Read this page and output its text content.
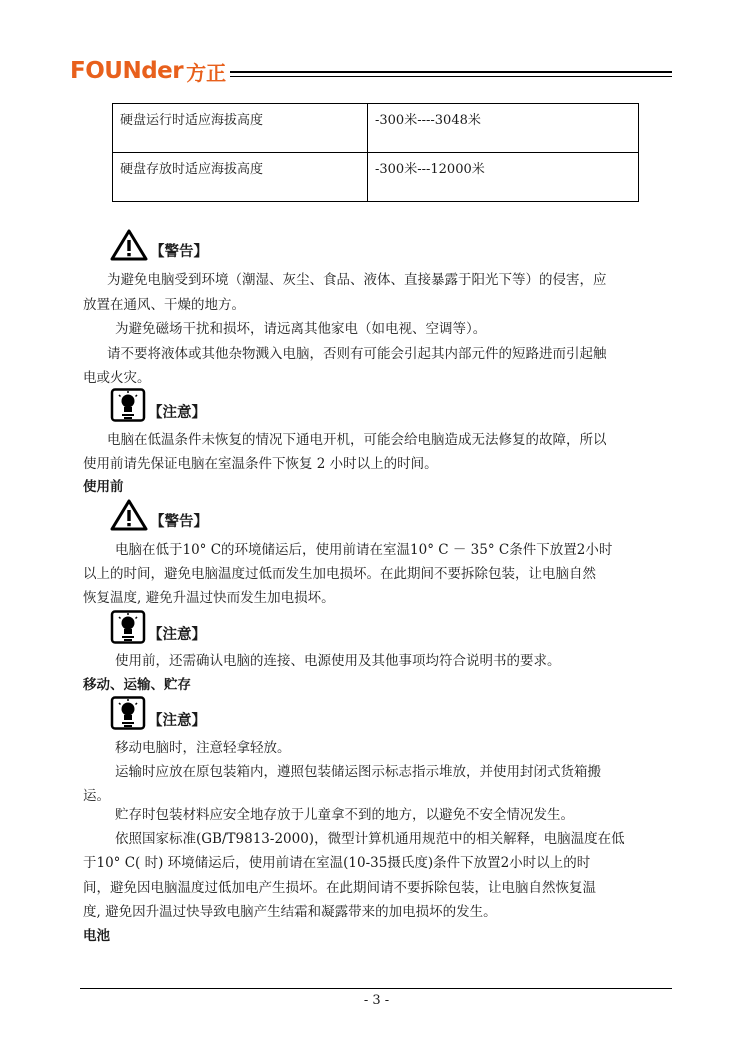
FOUNder 方正
硬盘运行时适应海拔高度	-300米----3048米
硬盘存放时适应海拔高度	-300米---12000米
【警告】
为避免电脑受到环境（潮湿、灰尘、食品、液体、直接暴露于阳光下等）的侵害，应
放置在通风、干燥的地方。
为避免磁场干扰和损坏，请远离其他家电（如电视、空调等）。
请不要将液体或其他杂物溅入电脑，否则有可能会引起其内部元件的短路进而引起触
电或火灾。
【注意】
电脑在低温条件未恢复的情况下通电开机，可能会给电脑造成无法修复的故障，所以
使用前请先保证电脑在室温条件下恢复 2 小时以上的时间。
使用前
【警告】
电脑在低于10° C的环境储运后，使用前请在室温10° C － 35° C条件下放置2小时
以上的时间，避免电脑温度过低而发生加电损坏。在此期间不要拆除包装，让电脑自然
恢复温度, 避免升温过快而发生加电损坏。
【注意】
使用前，还需确认电脑的连接、电源使用及其他事项均符合说明书的要求。
移动、运输、贮存
【注意】
移动电脑时，注意轻拿轻放。
运输时应放在原包装箱内，遵照包装储运图示标志指示堆放，并使用封闭式货箱搬
运。
贮存时包装材料应安全地存放于儿童拿不到的地方，以避免不安全情况发生。
依照国家标准(GB/T9813-2000)，微型计算机通用规范中的相关解释，电脑温度在低
于10° C( 时) 环境储运后，使用前请在室温(10-35摄氏度)条件下放置2小时以上的时
间，避免因电脑温度过低加电产生损坏。在此期间请不要拆除包装，让电脑自然恢复温
度, 避免因升温过快导致电脑产生结霜和凝露带来的加电损坏的发生。
电池
- 3 -
